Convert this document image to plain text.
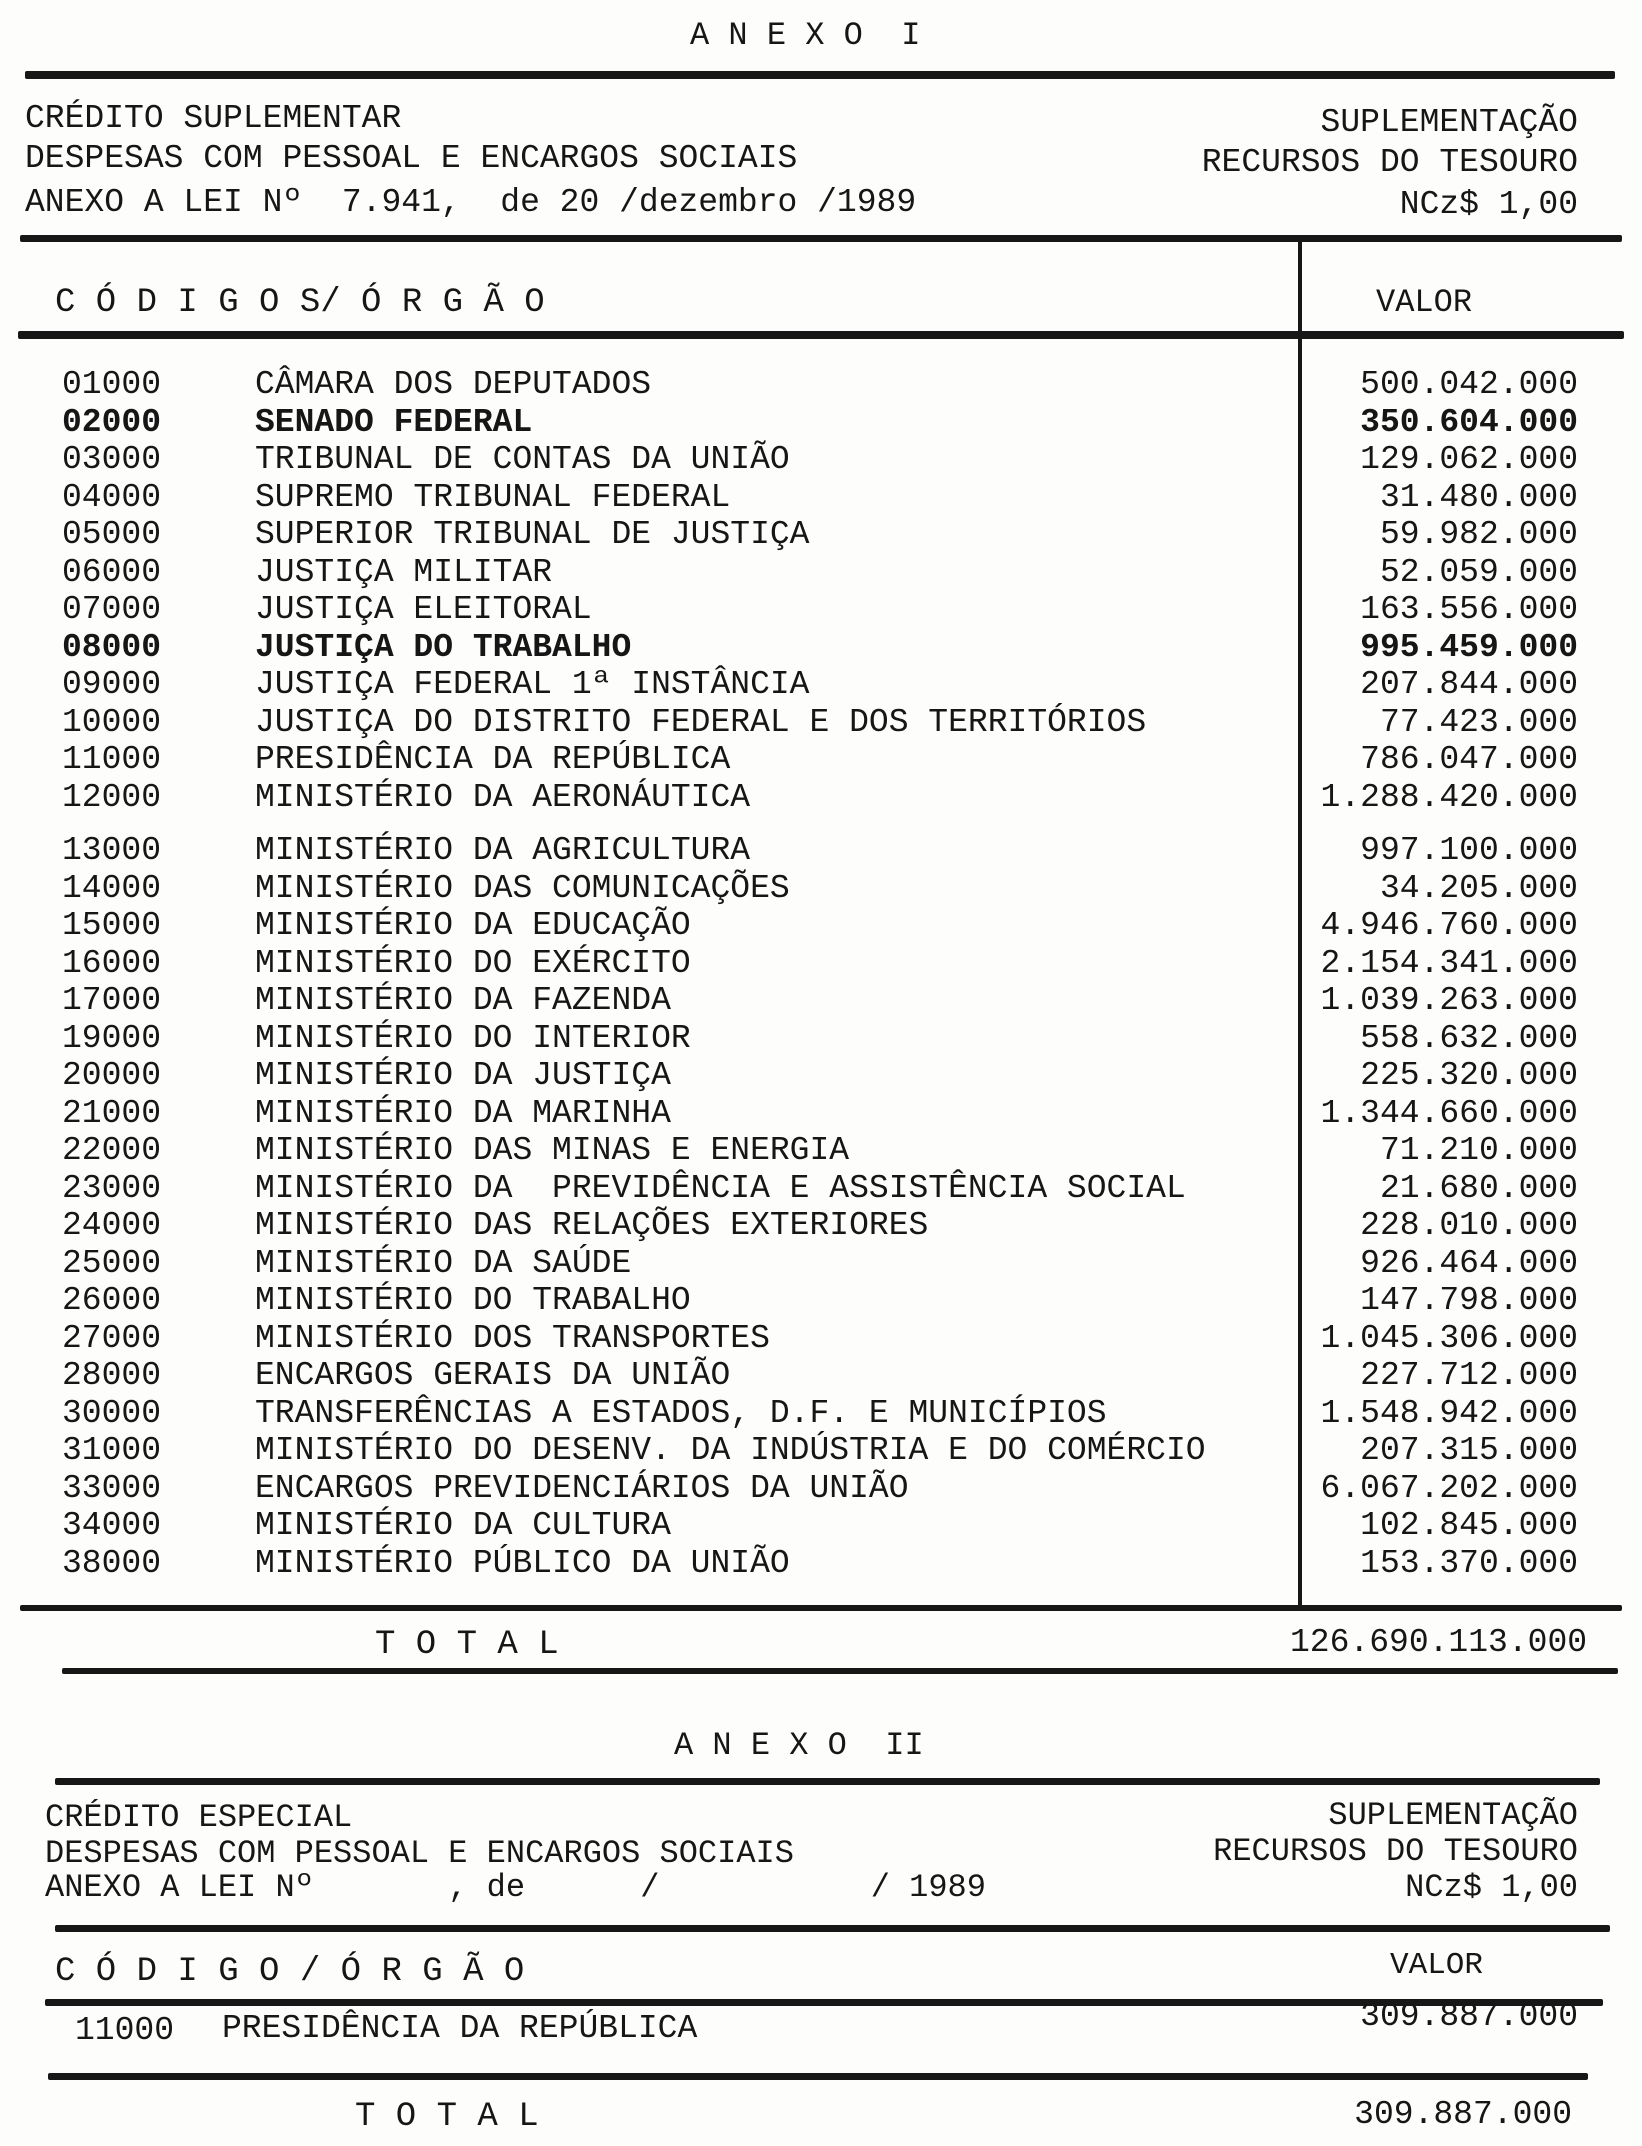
A N E X O  I
CRÉDITO SUPLEMENTAR
DESPESAS COM PESSOAL E ENCARGOS SOCIAIS
ANEXO A LEI Nº  7.941,  de 20 /dezembro /1989
SUPLEMENTAÇÃO
RECURSOS DO TESOURO
NCz$ 1,00
C Ó D I G O S/ Ó R G Ã O	VALOR
01000	CÂMARA DOS DEPUTADOS	500.042.000
02000	SENADO FEDERAL	350.604.000
03000	TRIBUNAL DE CONTAS DA UNIÃO	129.062.000
04000	SUPREMO TRIBUNAL FEDERAL	31.480.000
05000	SUPERIOR TRIBUNAL DE JUSTIÇA	59.982.000
06000	JUSTIÇA MILITAR	52.059.000
07000	JUSTIÇA ELEITORAL	163.556.000
08000	JUSTIÇA DO TRABALHO	995.459.000
09000	JUSTIÇA FEDERAL 1ª INSTÂNCIA	207.844.000
10000	JUSTIÇA DO DISTRITO FEDERAL E DOS TERRITÓRIOS	77.423.000
11000	PRESIDÊNCIA DA REPÚBLICA	786.047.000
12000	MINISTÉRIO DA AERONÁUTICA	1.288.420.000
13000	MINISTÉRIO DA AGRICULTURA	997.100.000
14000	MINISTÉRIO DAS COMUNICAÇÕES	34.205.000
15000	MINISTÉRIO DA EDUCAÇÃO	4.946.760.000
16000	MINISTÉRIO DO EXÉRCITO	2.154.341.000
17000	MINISTÉRIO DA FAZENDA	1.039.263.000
19000	MINISTÉRIO DO INTERIOR	558.632.000
20000	MINISTÉRIO DA JUSTIÇA	225.320.000
21000	MINISTÉRIO DA MARINHA	1.344.660.000
22000	MINISTÉRIO DAS MINAS E ENERGIA	71.210.000
23000	MINISTÉRIO DA  PREVIDÊNCIA E ASSISTÊNCIA SOCIAL	21.680.000
24000	MINISTÉRIO DAS RELAÇÕES EXTERIORES	228.010.000
25000	MINISTÉRIO DA SAÚDE	926.464.000
26000	MINISTÉRIO DO TRABALHO	147.798.000
27000	MINISTÉRIO DOS TRANSPORTES	1.045.306.000
28000	ENCARGOS GERAIS DA UNIÃO	227.712.000
30000	TRANSFERÊNCIAS A ESTADOS, D.F. E MUNICÍPIOS	1.548.942.000
31000	MINISTÉRIO DO DESENV. DA INDÚSTRIA E DO COMÉRCIO	207.315.000
33000	ENCARGOS PREVIDENCIÁRIOS DA UNIÃO	6.067.202.000
34000	MINISTÉRIO DA CULTURA	102.845.000
38000	MINISTÉRIO PÚBLICO DA UNIÃO	153.370.000
T O T A L	126.690.113.000
A N E X O  II
CRÉDITO ESPECIAL
DESPESAS COM PESSOAL E ENCARGOS SOCIAIS
ANEXO A LEI Nº       , de      /           / 1989
SUPLEMENTAÇÃO
RECURSOS DO TESOURO
NCz$ 1,00
C Ó D I G O / Ó R G Ã O	VALOR
11000 PRESIDÊNCIA DA REPÚBLICA	309.887.000
T O T A L	309.887.000
